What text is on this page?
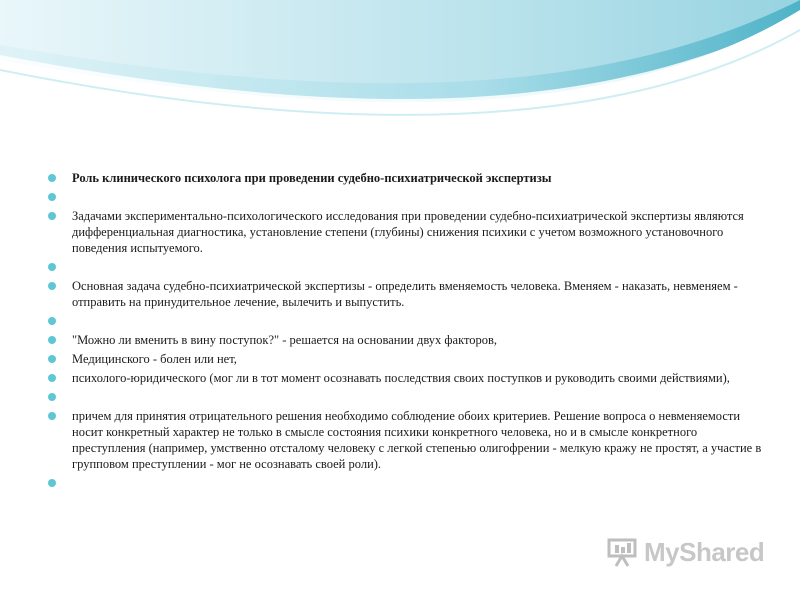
Роль клинического психолога при проведении судебно-психиатрической экспертизы
Задачами экспериментально-психологического исследования при проведении судебно-психиатрической экспертизы являются дифференциальная диагностика, установление степени (глубины) снижения психики с учетом возможного установочного поведения испытуемого.
Основная задача судебно-психиатрической экспертизы - определить вменяемость человека. Вменяем - наказать, невменяем - отправить на принудительное лечение, вылечить и выпустить.
"Можно ли вменить в вину поступок?" - решается на основании двух факторов,
Медицинского - болен или нет,
психолого-юридического (мог ли в тот момент осознавать последствия своих поступков и руководить своими действиями),
причем для принятия отрицательного решения необходимо соблюдение обоих критериев. Решение вопроса о невменяемости носит конкретный характер не только в смысле состояния психики конкретного человека, но и в смысле конкретного преступления (например, умственно отсталому человеку с легкой степенью олигофрении - мелкую кражу не простят, а участие в групповом преступлении - мог не осознавать своей роли).
MyShared
